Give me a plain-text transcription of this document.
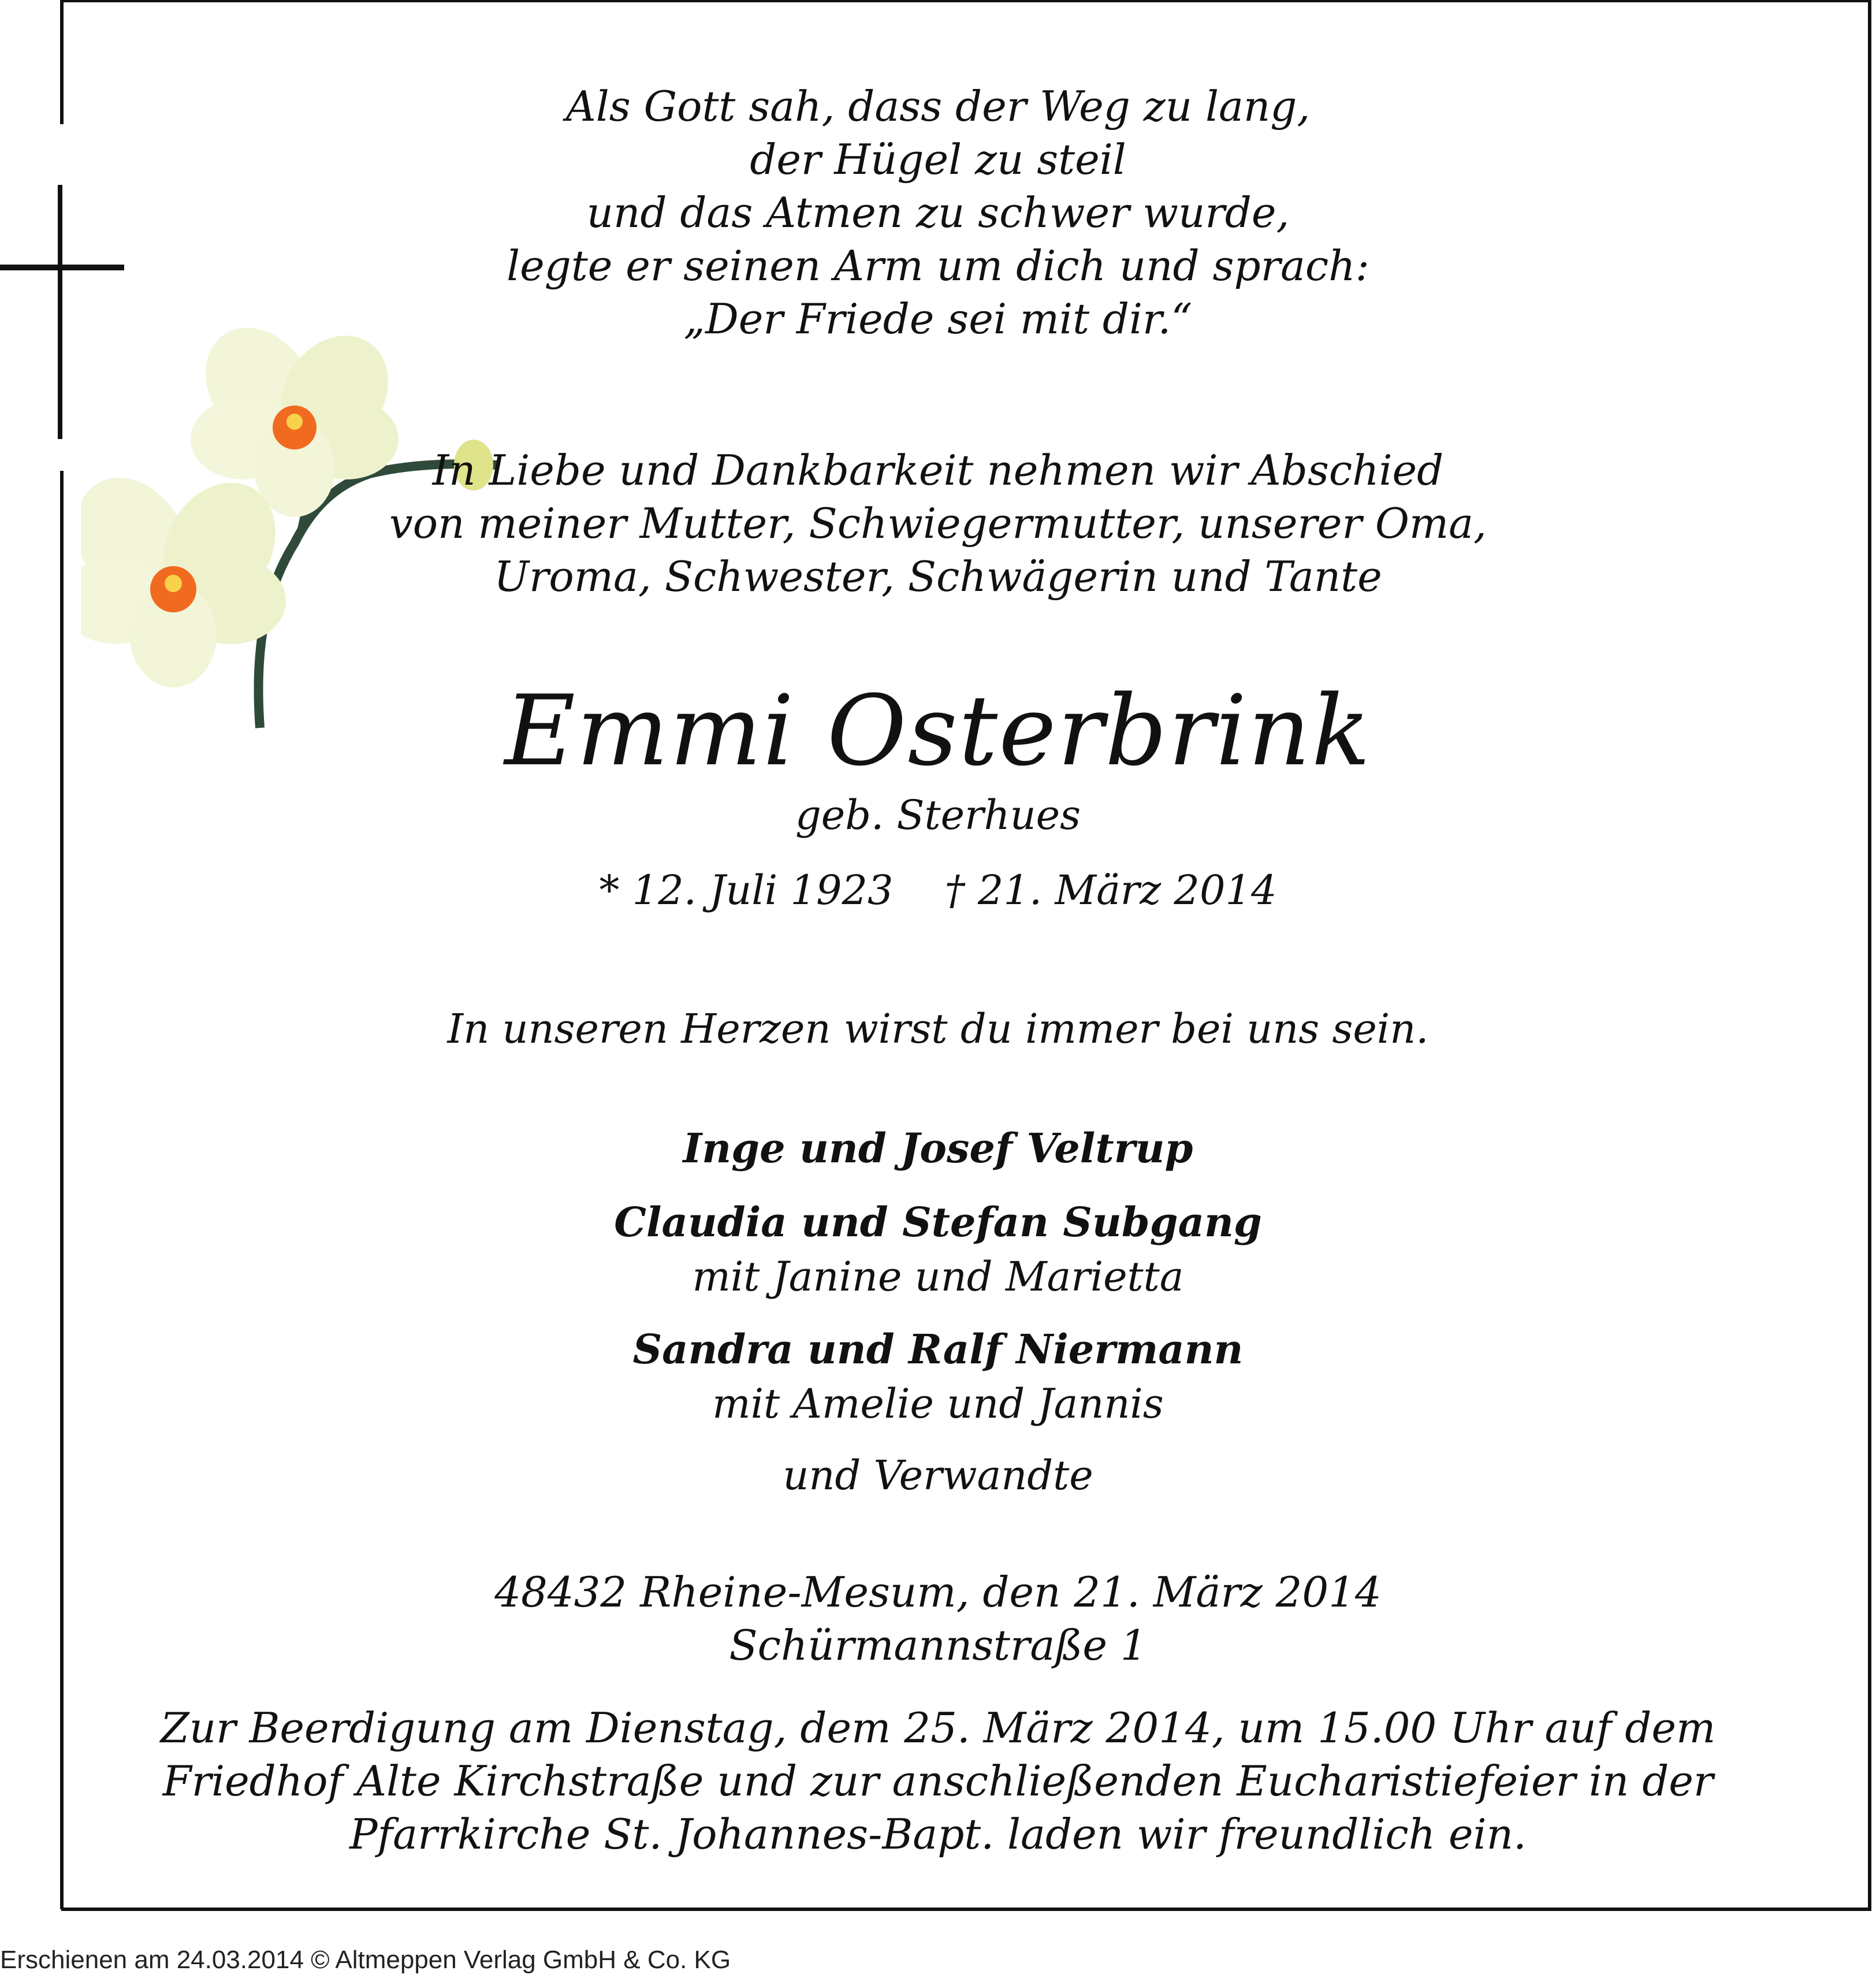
Als Gott sah, dass der Weg zu lang,
der Hügel zu steil
und das Atmen zu schwer wurde,
legte er seinen Arm um dich und sprach:
„Der Friede sei mit dir.“
In Liebe und Dankbarkeit nehmen wir Abschied
von meiner Mutter, Schwiegermutter, unserer Oma,
Uroma, Schwester, Schwägerin und Tante
Emmi Osterbrink
geb. Sterhues
* 12. Juli 1923 † 21. März 2014
In unseren Herzen wirst du immer bei uns sein.
Inge und Josef Veltrup
Claudia und Stefan Subgang
mit Janine und Marietta
Sandra und Ralf Niermann
mit Amelie und Jannis
und Verwandte
48432 Rheine-Mesum, den 21. März 2014
Schürmannstraße 1
Zur Beerdigung am Dienstag, dem 25. März 2014, um 15.00 Uhr auf dem
Friedhof Alte Kirchstraße und zur anschließenden Eucharistiefeier in der
Pfarrkirche St. Johannes-Bapt. laden wir freundlich ein.
Erschienen am 24.03.2014 © Altmeppen Verlag GmbH & Co. KG
